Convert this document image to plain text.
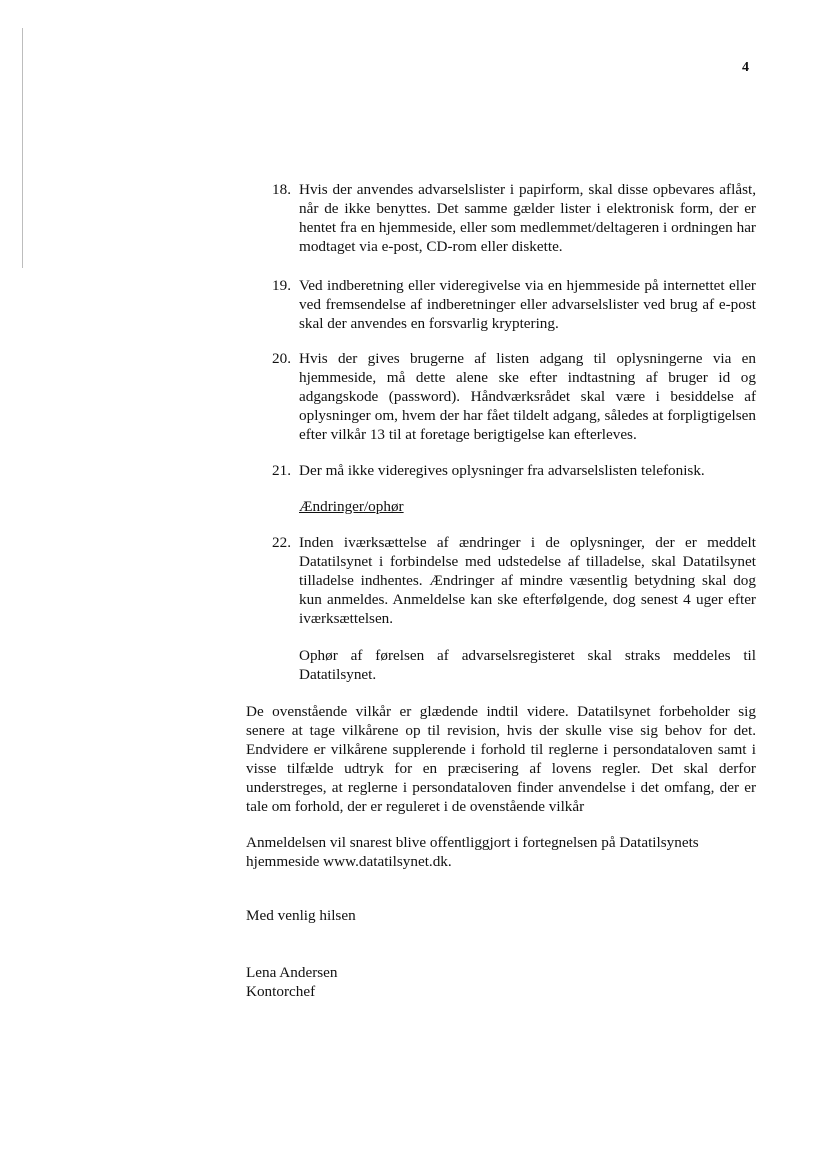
4
18. Hvis der anvendes advarselslister i papirform, skal disse opbevares aflåst, når de ikke benyttes. Det samme gælder lister i elektronisk form, der er hentet fra en hjemmeside, eller som medlemmet/deltageren i ordningen har modtaget via e-post, CD-rom eller diskette.
19. Ved indberetning eller videregivelse via en hjemmeside på internettet eller ved fremsendelse af indberetninger eller advarselslister ved brug af e-post skal der anvendes en forsvarlig kryptering.
20. Hvis der gives brugerne af listen adgang til oplysningerne via en hjemmeside, må dette alene ske efter indtastning af bruger id og adgangskode (password). Håndværksrådet skal være i besiddelse af oplysninger om, hvem der har fået tildelt adgang, således at forpligtigelsen efter vilkår 13 til at foretage berigtigelse kan efterleves.
21. Der må ikke videregives oplysninger fra advarselslisten telefonisk.
Ændringer/ophør
22. Inden iværksættelse af ændringer i de oplysninger, der er meddelt Datatilsynet i forbindelse med udstedelse af tilladelse, skal Datatilsynet tilladelse indhentes. Ændringer af mindre væsentlig betydning skal dog kun anmeldes. Anmeldelse kan ske efterfølgende, dog senest 4 uger efter iværksættelsen.
Ophør af førelsen af advarselsregisteret skal straks meddeles til Datatilsynet.
De ovenstående vilkår er glædende indtil videre. Datatilsynet forbeholder sig senere at tage vilkårene op til revision, hvis der skulle vise sig behov for det. Endvidere er vilkårene supplerende i forhold til reglerne i persondataloven samt i visse tilfælde udtryk for en præcisering af lovens regler. Det skal derfor understreges, at reglerne i persondataloven finder anvendelse i det omfang, der er tale om forhold, der er reguleret i de ovenstående vilkår
Anmeldelsen vil snarest blive offentliggjort i fortegnelsen på Datatilsynets hjemmeside www.datatilsynet.dk.
Med venlig hilsen
Lena Andersen
Kontorchef
